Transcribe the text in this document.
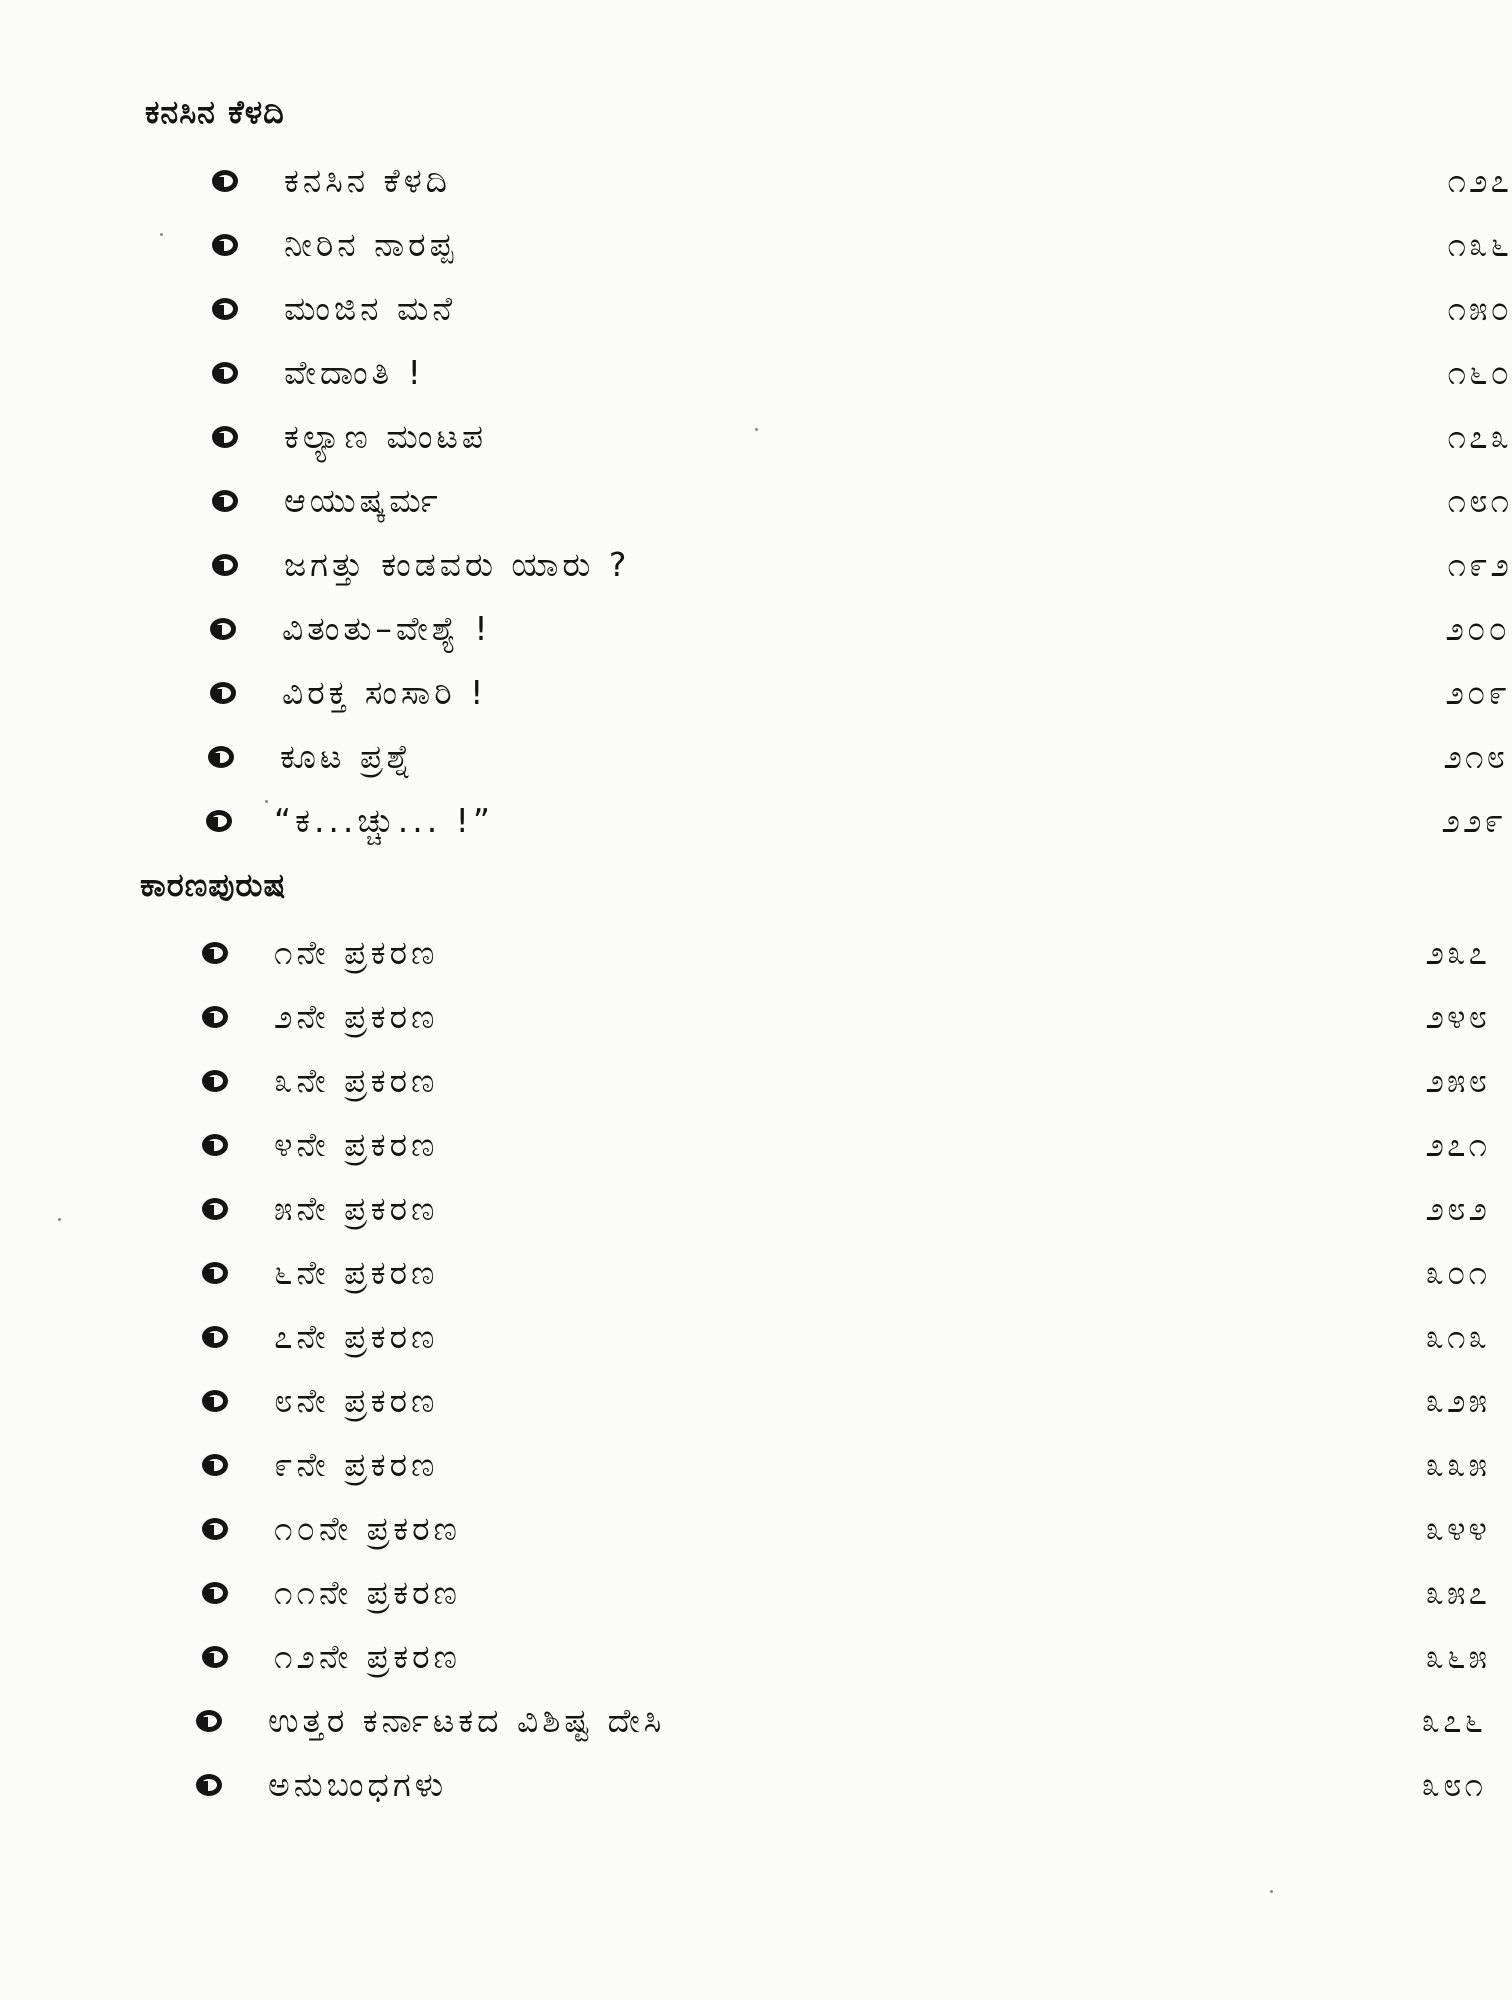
ಕನಸಿನ ಕೆಳದಿ
ಕನಸಿನ ಕೆಳದಿ	೧೨೭
ನೀರಿನ ನಾರಪ್ಪ	೧೩೬
ಮಂಜಿನ ಮನೆ	೧೫೦
ವೇದಾಂತಿ !	೧೬೦
ಕಲ್ಯಾಣ ಮಂಟಪ	೧೭೩
ಆಯುಷ್ಕರ್ಮ	೧೮೧
ಜಗತ್ತು ಕಂಡವರು ಯಾರು ?	೧೯೨
ವಿತಂತು–ವೇಶ್ಯೆ !	೨೦೦
ವಿರಕ್ತ ಸಂಸಾರಿ !	೨೦೯
ಕೂಟ ಪ್ರಶ್ನೆ	೨೧೮
“ಕ...ಚ್ಚು... !”	೨೨೯
ಕಾರಣಪುರುಷ
೧ನೇ ಪ್ರಕರಣ	೨೩೭
೨ನೇ ಪ್ರಕರಣ	೨೪೮
೩ನೇ ಪ್ರಕರಣ	೨೫೮
೪ನೇ ಪ್ರಕರಣ	೨೭೧
೫ನೇ ಪ್ರಕರಣ	೨೮೨
೬ನೇ ಪ್ರಕರಣ	೩೦೧
೭ನೇ ಪ್ರಕರಣ	೩೧೩
೮ನೇ ಪ್ರಕರಣ	೩೨೫
೯ನೇ ಪ್ರಕರಣ	೩೩೫
೧೦ನೇ ಪ್ರಕರಣ	೩೪೪
೧೧ನೇ ಪ್ರಕರಣ	೩೫೭
೧೨ನೇ ಪ್ರಕರಣ	೩೬೫
ಉತ್ತರ ಕರ್ನಾಟಕದ ವಿಶಿಷ್ಟ ದೇಸಿ	೩೭೬
ಅನುಬಂಧಗಳು	೩೮೧
